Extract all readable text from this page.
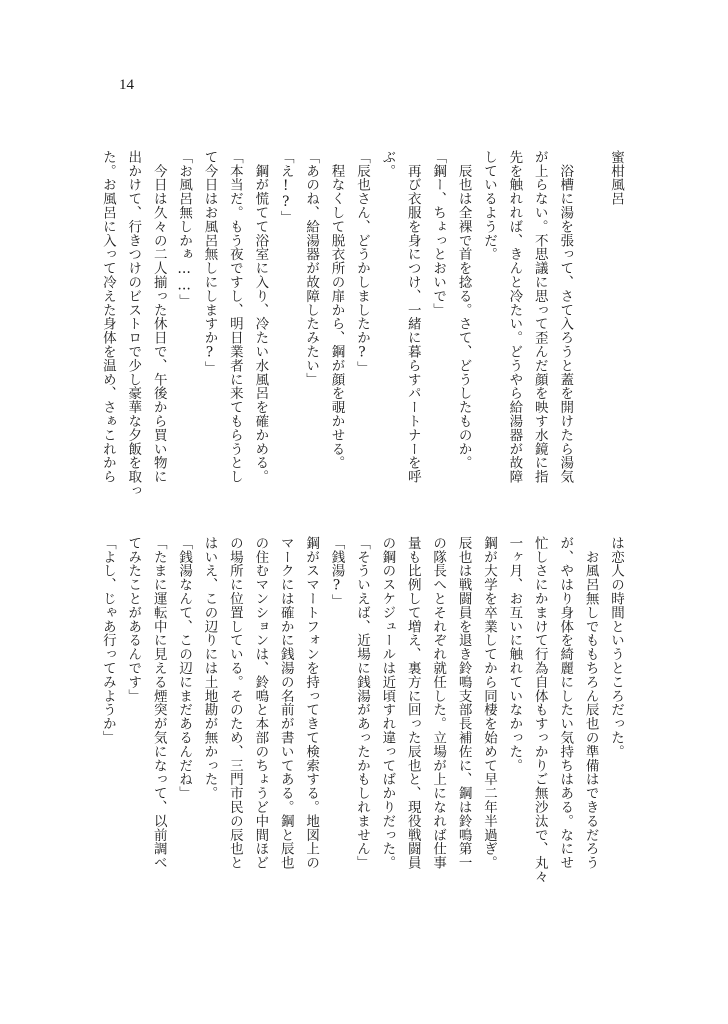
14
蜜柑風呂
　浴槽に湯を張って、さて入ろうと蓋を開けたら湯気
が上らない。不思議に思って歪んだ顔を映す水鏡に指
先を触れれば、きんと冷たい。どうやら給湯器が故障
しているようだ。
　辰也は全裸で首を捻る。さて、どうしたものか。
「鋼ー、ちょっとおいで」
　再び衣服を身につけ、一緒に暮らすパートナーを呼
ぶ。
「辰也さん、どうかしましたか?」
　程なくして脱衣所の扉から、鋼が顔を覗かせる。
「あのね、給湯器が故障したみたい」
「え!?」
　鋼が慌てて浴室に入り、冷たい水風呂を確かめる。
「本当だ。もう夜ですし、明日業者に来てもらうとし
て今日はお風呂無しにしますか?」
「お風呂無しかぁ……」
　今日は久々の二人揃った休日で、午後から買い物に
出かけて、行きつけのビストロで少し豪華な夕飯を取っ
た。お風呂に入って冷えた身体を温め、さぁこれから
は恋人の時間というところだった。
　お風呂無しでももちろん辰也の準備はできるだろう
が、やはり身体を綺麗にしたい気持ちはある。なにせ
忙しさにかまけて行為自体もすっかりご無沙汰で、丸々
一ヶ月、お互いに触れていなかった。
鋼が大学を卒業してから同棲を始めて早二年半過ぎ。
辰也は戦闘員を退き鈴鳴支部長補佐に、鋼は鈴鳴第一
の隊長へとそれぞれ就任した。立場が上になれば仕事
量も比例して増え、裏方に回った辰也と、現役戦闘員
の鋼のスケジュールは近頃すれ違ってばかりだった。
「そういえば、近場に銭湯があったかもしれません」
「銭湯?」
鋼がスマートフォンを持ってきて検索する。地図上の
マークには確かに銭湯の名前が書いてある。鋼と辰也
の住むマンションは、鈴鳴と本部のちょうど中間ほど
の場所に位置している。そのため、三門市民の辰也と
はいえ、この辺りには土地勘が無かった。
「銭湯なんて、この辺にまだあるんだね」
「たまに運転中に見える煙突が気になって、以前調べ
てみたことがあるんです」
「よし、じゃあ行ってみようか」
